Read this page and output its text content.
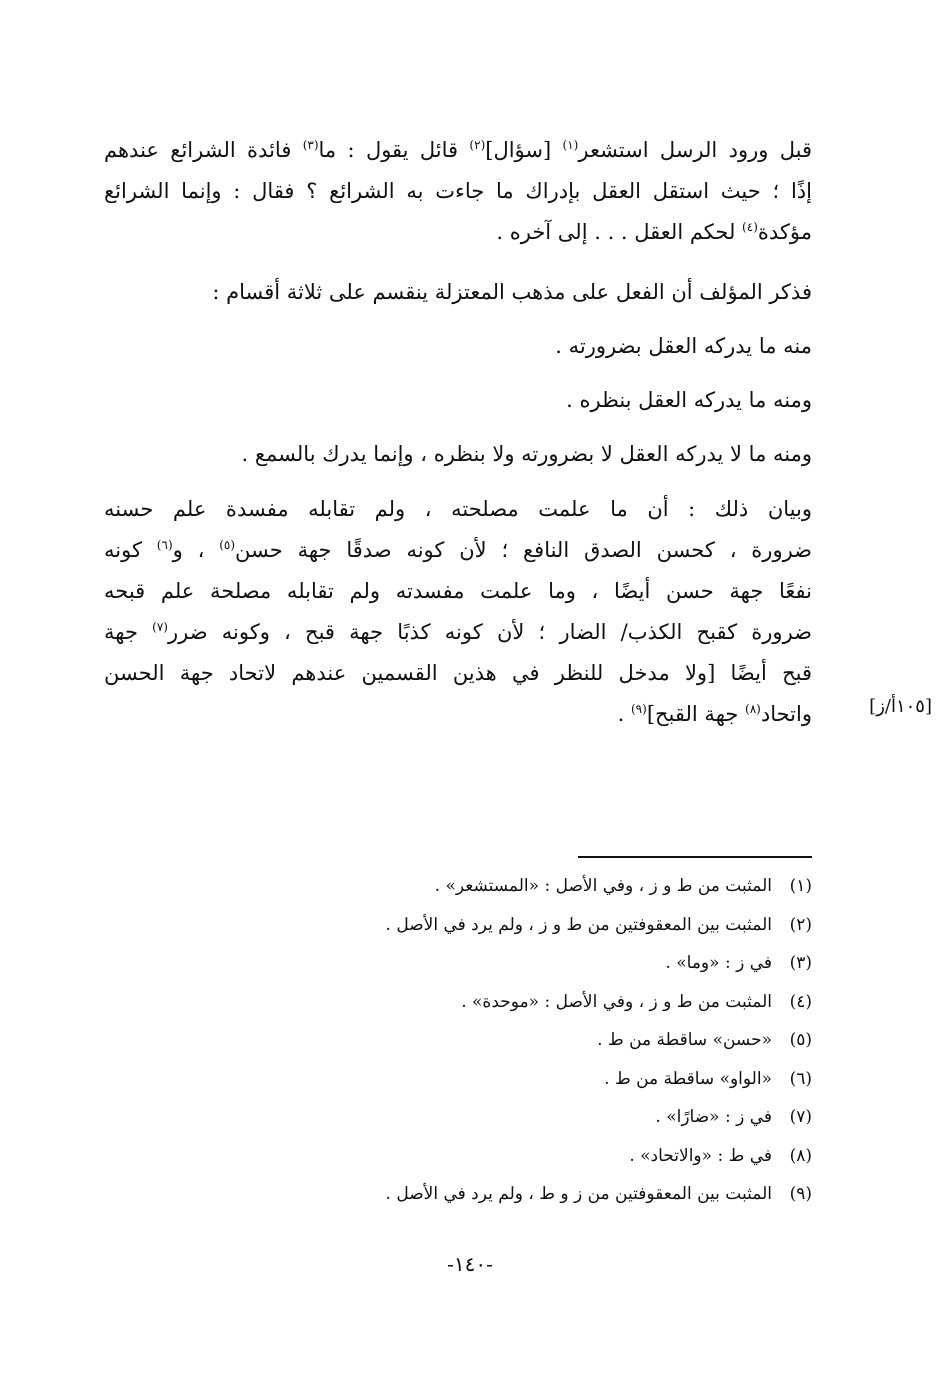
قبل ورود الرسل استشعر$^{(١)}$ [سؤال]$^{(٢)}$ قائل يقول : ما$^{(٣)}$ فائدة الشرائع عندهم
إذًا ؛ حيث استقل العقل بإدراك ما جاءت به الشرائع ؟ فقال : وإنما الشرائع
مؤكدة$^{(٤)}$ لحكم العقل . . . إلى آخره .

فذكر المؤلف أن الفعل على مذهب المعتزلة ينقسم على ثلاثة أقسام :

منه ما يدركه العقل بضرورته .

ومنه ما يدركه العقل بنظره .

ومنه ما لا يدركه العقل لا بضرورته ولا بنظره ، وإنما يدرك بالسمع .

وبيان ذلك : أن ما علمت مصلحته ، ولم تقابله مفسدة علم حسنه
ضرورة ، كحسن الصدق النافع ؛ لأن كونه صدقًا جهة حسن$^{(٥)}$ ، و$^{(٦)}$ كونه
نفعًا جهة حسن أيضًا ، وما علمت مفسدته ولم تقابله مصلحة علم قبحه
ضرورة كقبح الكذب/ الضار ؛ لأن كونه كذبًا جهة قبح ، وكونه ضرر$^{(٧)}$ جهة
قبح أيضًا [ولا مدخل للنظر في هذين القسمين عندهم لاتحاد جهة الحسن
واتحاد$^{(٨)}$ جهة القبح]$^{(٩)}$ .	[١٠٥أ/ز]
(١)
المثبت من ط و ز ، وفي الأصل : «المستشعر» .
(٢)
المثبت بين المعقوفتين من ط و ز ، ولم يرد في الأصل .
(٣)
في ز : «وما» .
(٤)
المثبت من ط و ز ، وفي الأصل : «موحدة» .
(٥)
«حسن» ساقطة من ط .
(٦)
«الواو» ساقطة من ط .
(٧)
في ز : «ضارًا» .
(٨)
في ط : «والاتحاد» .
(٩)
المثبت بين المعقوفتين من ز و ط ، ولم يرد في الأصل .
-١٤٠-
